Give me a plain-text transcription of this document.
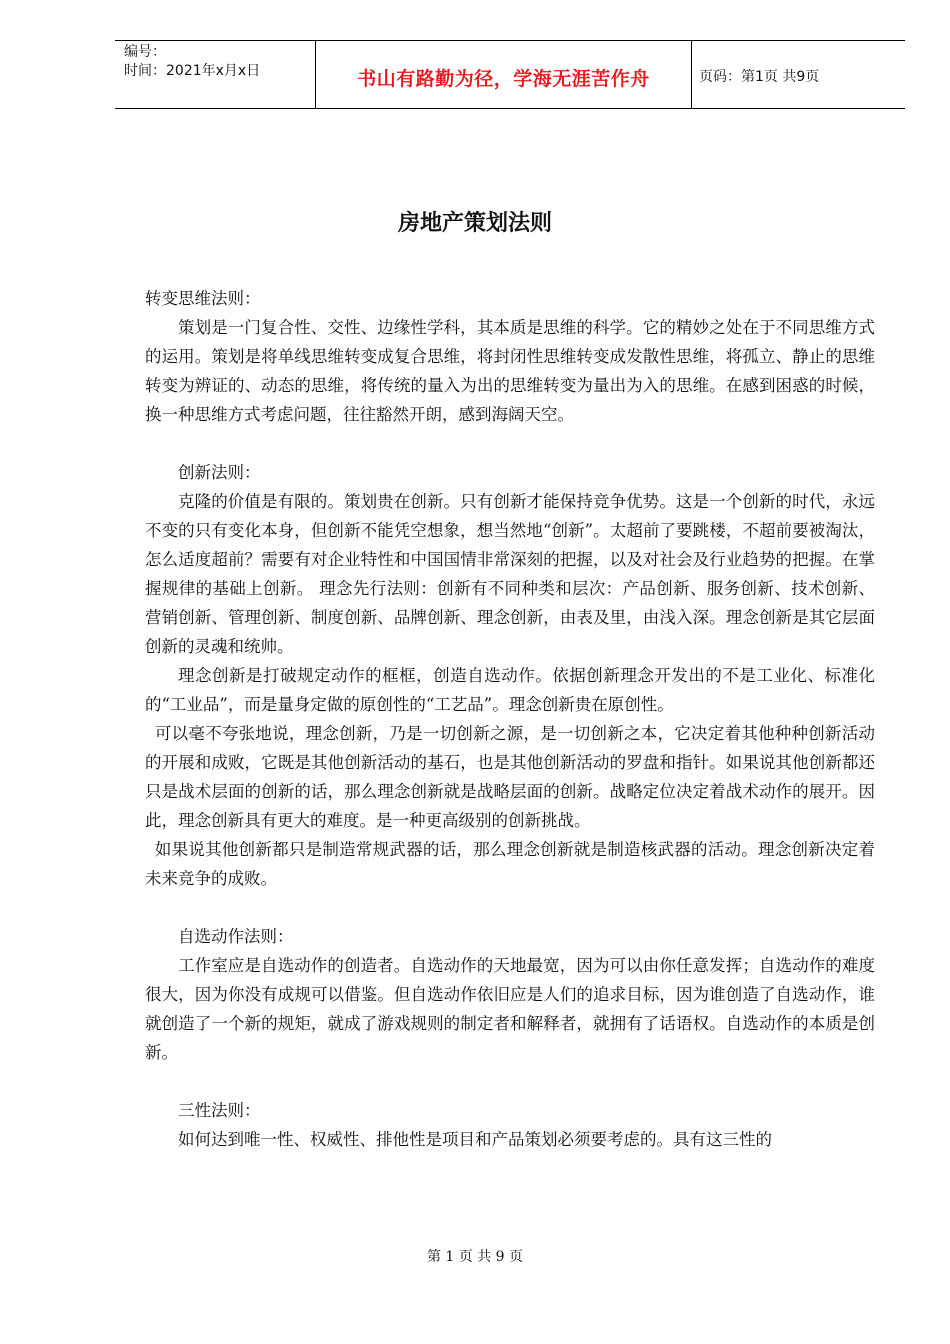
编号：
时间：2021年x月x日	书山有路勤为径，学海无涯苦作舟	页码：第1页 共9页
房地产策划法则

转变思维法则：

策划是一门复合性、交性、边缘性学科，其本质是思维的科学。它的精妙之处在于不同思维方式的运用。策划是将单线思维转变成复合思维，将封闭性思维转变成发散性思维，将孤立、静止的思维转变为辨证的、动态的思维，将传统的量入为出的思维转变为量出为入的思维。在感到困惑的时候，换一种思维方式考虑问题，往往豁然开朗，感到海阔天空。

创新法则：

克隆的价值是有限的。策划贵在创新。只有创新才能保持竞争优势。这是一个创新的时代，永远不变的只有变化本身，但创新不能凭空想象，想当然地“创新”。太超前了要跳楼，不超前要被淘汰，怎么适度超前？需要有对企业特性和中国国情非常深刻的把握，以及对社会及行业趋势的把握。在掌握规律的基础上创新。 理念先行法则：创新有不同种类和层次：产品创新、服务创新、技术创新、营销创新、管理创新、制度创新、品牌创新、理念创新，由表及里，由浅入深。理念创新是其它层面创新的灵魂和统帅。

理念创新是打破规定动作的框框，创造自选动作。依据创新理念开发出的不是工业化、标准化的“工业品”，而是量身定做的原创性的“工艺品”。理念创新贵在原创性。

可以毫不夸张地说，理念创新，乃是一切创新之源，是一切创新之本，它决定着其他种种创新活动的开展和成败，它既是其他创新活动的基石，也是其他创新活动的罗盘和指针。如果说其他创新都还只是战术层面的创新的话，那么理念创新就是战略层面的创新。战略定位决定着战术动作的展开。因此，理念创新具有更大的难度。是一种更高级别的创新挑战。

如果说其他创新都只是制造常规武器的话，那么理念创新就是制造核武器的活动。理念创新决定着未来竞争的成败。

自选动作法则：

工作室应是自选动作的创造者。自选动作的天地最宽，因为可以由你任意发挥；自选动作的难度很大，因为你没有成规可以借鉴。但自选动作依旧应是人们的追求目标，因为谁创造了自选动作，谁就创造了一个新的规矩，就成了游戏规则的制定者和解释者，就拥有了话语权。自选动作的本质是创新。

三性法则：

如何达到唯一性、权威性、排他性是项目和产品策划必须要考虑的。具有这三性的

第 1 页 共 9 页
